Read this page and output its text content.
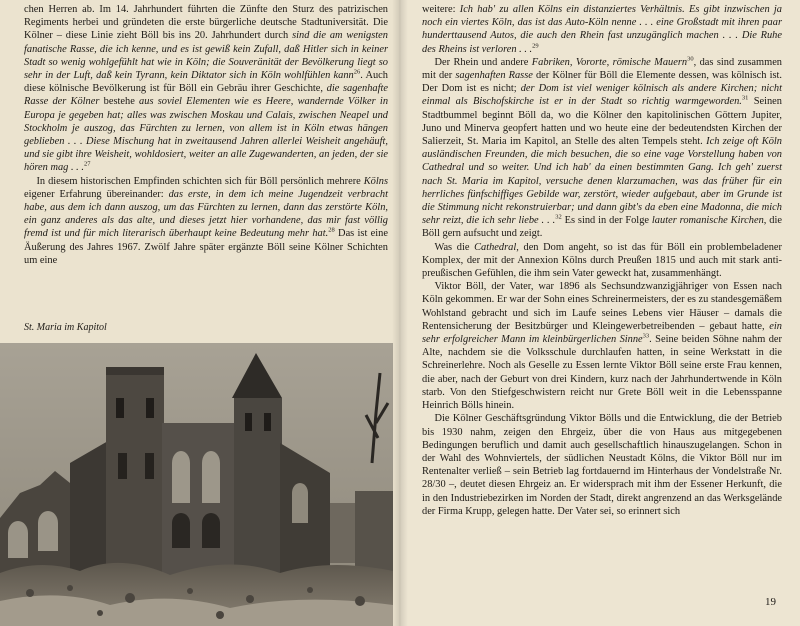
chen Herren ab. Im 14. Jahrhundert führten die Zünfte den Sturz des patrizischen Regiments herbei und gründeten die erste bürgerliche deutsche Stadtuniversität. Die Kölner – diese Linie zieht Böll bis ins 20. Jahrhundert durch sind die am wenigsten fanatische Rasse, die ich kenne, und es ist gewiß kein Zufall, daß Hitler sich in keiner Stadt so wenig wohlgefühlt hat wie in Köln; die Souveränität der Bevölkerung liegt so sehr in der Luft, daß kein Tyrann, kein Diktator sich in Köln wohlfühlen kann$^{26}$. Auch diese kölnische Bevölkerung ist für Böll ein Gebräu ihrer Geschichte, die sagenhafte Rasse der Kölner bestehe aus soviel Elementen wie es Heere, wandernde Völker in Europa je gegeben hat; alles was zwischen Moskau und Calais, zwischen Neapel und Stockholm je auszog, das Fürchten zu lernen, von allem ist in Köln etwas hängen geblieben . . . Diese Mischung hat in zweitausend Jahren allerlei Weisheit angehäuft, und sie gibt ihre Weisheit, wohldosiert, weiter an alle Zugewanderten, an jeden, der sie hören mag . . .$^{27}$

In diesem historischen Empfinden schichten sich für Böll persönlich mehrere Kölns eigener Erfahrung übereinander: das erste, in dem ich meine Jugendzeit verbracht habe, aus dem ich dann auszog, um das Fürchten zu lernen, dann das zerstörte Köln, ein ganz anderes als das alte, und dieses jetzt hier vorhandene, das mir fast völlig fremd ist und für mich literarisch überhaupt keine Bedeutung mehr hat.$^{28}$ Das ist eine Äußerung des Jahres 1967. Zwölf Jahre später ergänzte Böll seine Kölner Schichten um eine

St. Maria im Kapitol

weitere: Ich hab' zu allen Kölns ein distanziertes Verhältnis. Es gibt inzwischen ja noch ein viertes Köln, das ist das Auto-Köln nenne . . . eine Großstadt mit ihren paar hunderttausend Autos, die auch den Rhein fast unzugänglich machen . . . Die Ruhe des Rheins ist verloren . . .$^{29}$

Der Rhein und andere Fabriken, Vororte, römische Mauern$^{30}$, das sind zusammen mit der sagenhaften Rasse der Kölner für Böll die Elemente dessen, was kölnisch ist. Der Dom ist es nicht; der Dom ist viel weniger kölnisch als andere Kirchen; nicht einmal als Bischofskirche ist er in der Stadt so richtig warmgeworden.$^{31}$ Seinen Stadtbummel beginnt Böll da, wo die Kölner den kapitolinischen Göttern Jupiter, Juno und Minerva geopfert hatten und wo heute eine der bedeutendsten Kirchen der Salierzeit, St. Maria im Kapitol, an Stelle des alten Tempels steht. Ich zeige oft Köln ausländischen Freunden, die mich besuchen, die so eine vage Vorstellung haben von Cathedral und so weiter. Und ich hab' da einen bestimmten Gang. Ich geh' zuerst nach St. Maria im Kapitol, versuche denen klarzumachen, was das früher für ein herrliches fünfschiffiges Gebilde war, zerstört, wieder aufgebaut, aber im Grunde ist die Stimmung nicht rekonstruierbar; und dann gibt's da eben eine Madonna, die mich sehr reizt, die ich sehr liebe . . .$^{32}$ Es sind in der Folge lauter romanische Kirchen, die Böll gern aufsucht und zeigt.

Was die Cathedral, den Dom angeht, so ist das für Böll ein problembeladener Komplex, der mit der Annexion Kölns durch Preußen 1815 und auch mit stark anti-preußischen Gefühlen, die ihm sein Vater geweckt hat, zusammenhängt.

Viktor Böll, der Vater, war 1896 als Sechsundzwanzigjähriger von Essen nach Köln gekommen. Er war der Sohn eines Schreinermeisters, der es zu standesgemäßem Wohlstand gebracht und sich im Laufe seines Lebens vier Häuser – damals die Rentensicherung der Besitzbürger und Kleingewerbetreibenden – gebaut hatte, ein sehr erfolgreicher Mann im kleinbürgerlichen Sinne$^{33}$. Seine beiden Söhne nahm der Alte, nachdem sie die Volksschule durchlaufen hatten, in seine Werkstatt in die Schreinerlehre. Noch als Geselle zu Essen lernte Viktor Böll seine erste Frau kennen, die aber, nach der Geburt von drei Kindern, kurz nach der Jahrhundertwende in Köln starb. Von den Stiefgeschwistern reicht nur Grete Böll weit in die Lebensspanne Heinrich Bölls hinein.

Die Kölner Geschäftsgründung Viktor Bölls und die Entwicklung, die der Betrieb bis 1930 nahm, zeigen den Ehrgeiz, über die von Haus aus mitgegebenen Bedingungen beruflich und damit auch gesellschaftlich hinauszugelangen. Schon in der Wahl des Wohnviertels, der südlichen Neustadt Kölns, die Viktor Böll nur im Rentenalter verließ – sein Betrieb lag fortdauernd im Hinterhaus der Vondelstraße Nr. 28/30 –, deutet diesen Ehrgeiz an. Er widersprach mit ihm der Essener Herkunft, die in den Industriebezirken im Norden der Stadt, direkt angrenzend an das Werksgelände der Firma Krupp, gelegen hatte. Der Vater sei, so erinnert sich

19
